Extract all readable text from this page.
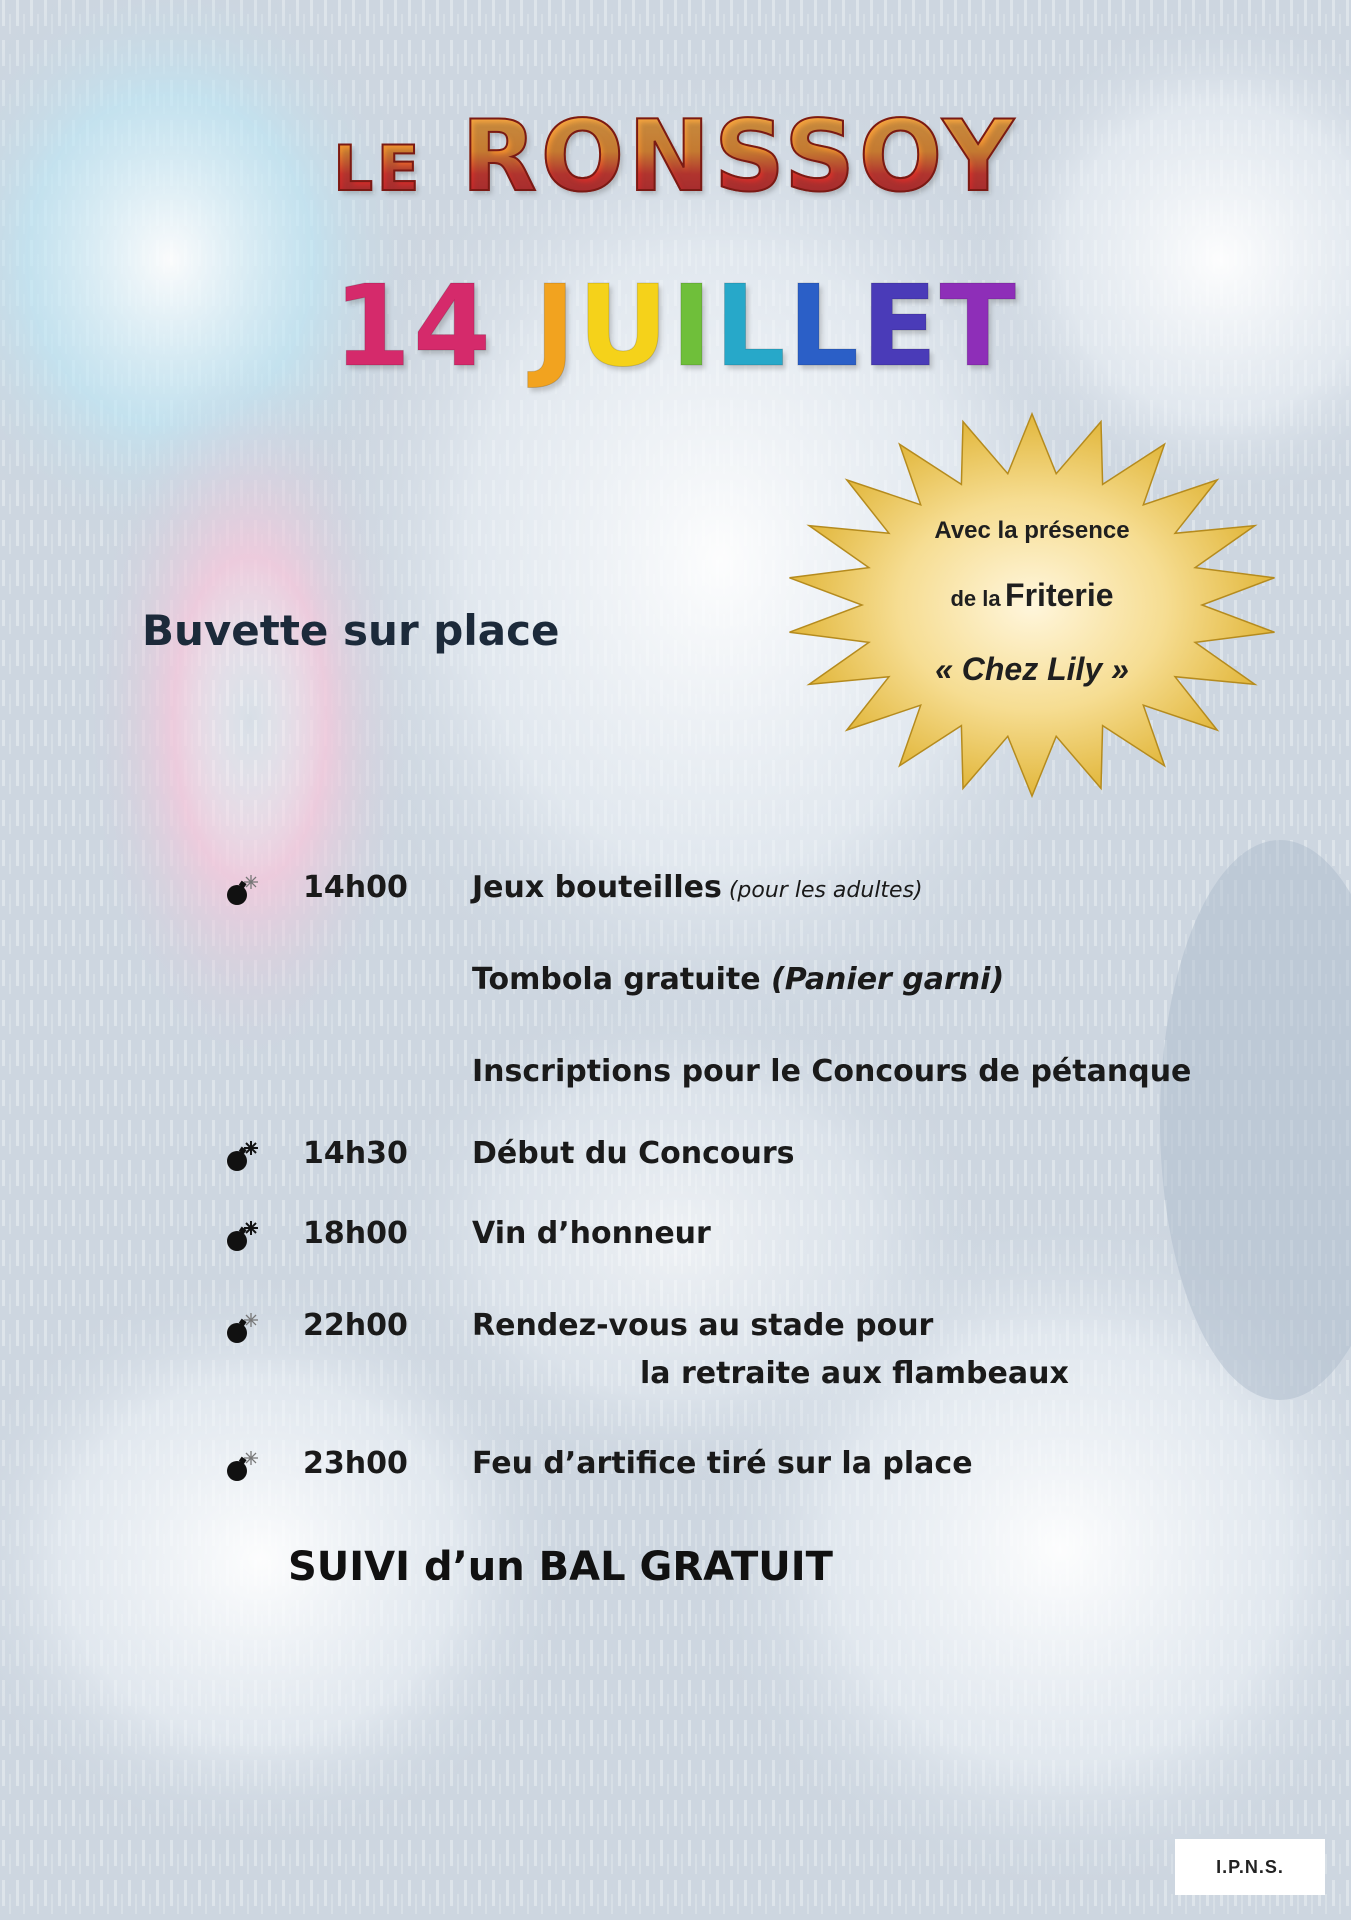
LE RONSSOY
14 JUILLET
Avec la présence
de la Friterie
« Chez Lily »
Buvette sur place
14h00 Jeux bouteilles (pour les adultes)
Tombola gratuite (Panier garni)
Inscriptions pour le Concours de pétanque
14h30 Début du Concours
18h00 Vin d’honneur
22h00 Rendez-vous au stade pour
la retraite aux flambeaux
23h00 Feu d’artifice tiré sur la place
SUIVI d’un BAL GRATUIT
I.P.N.S.
